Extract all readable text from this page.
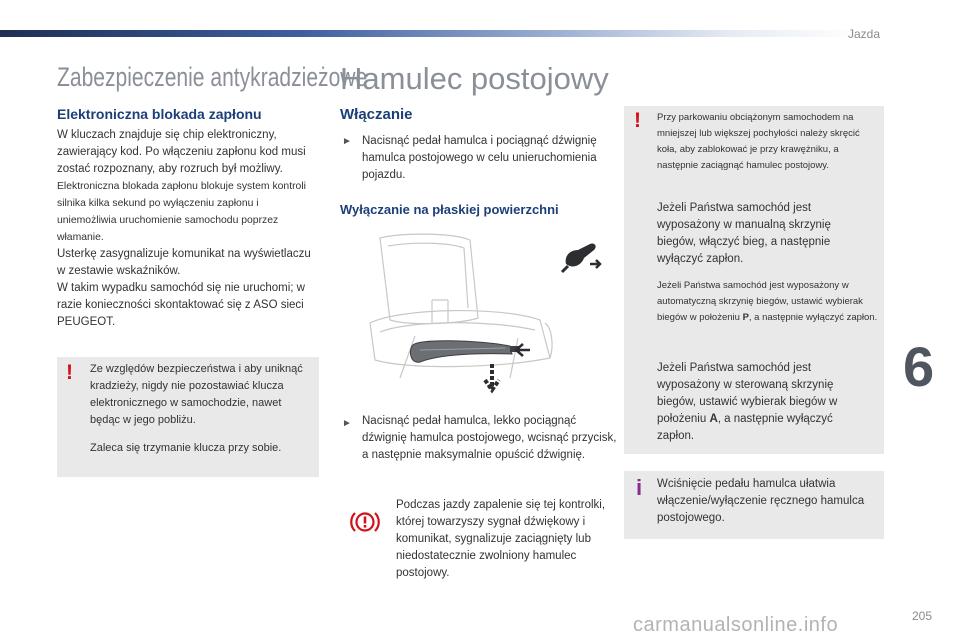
Jazda
Zabezpieczenie antykradzieżowe
Elektroniczna blokada zapłonu

W kluczach znajduje się chip elektroniczny, zawierający kod. Po włączeniu zapłonu kod musi zostać rozpoznany, aby rozruch był możliwy.

Elektroniczna blokada zapłonu blokuje system kontroli silnika kilka sekund po wyłączeniu zapłonu i uniemożliwia uruchomienie samochodu poprzez włamanie.

Usterkę zasygnalizuje komunikat na wyświetlaczu w zestawie wskaźników.

W takim wypadku samochód się nie uruchomi; w razie konieczności skontaktować się z ASO sieci PEUGEOT.

! Ze względów bezpieczeństwa i aby uniknąć kradzieży, nigdy nie pozostawiać klucza elektronicznego w samochodzie, nawet będąc w jego pobliżu.

Zaleca się trzymanie klucza przy sobie.

Hamulec postojowy
Włączanie
► Nacisnąć pedał hamulca i pociągnąć dźwignię hamulca postojowego w celu unieruchomienia pojazdu.

Wyłączanie na płaskiej powierzchni
► Nacisnąć pedał hamulca, lekko pociągnąć dźwignię hamulca postojowego, wcisnąć przycisk, a następnie maksymalnie opuścić dźwignię.

Podczas jazdy zapalenie się tej kontrolki, której towarzyszy sygnał dźwiękowy i komunikat, sygnalizuje zaciągnięty lub niedostatecznie zwolniony hamulec postojowy.

! Przy parkowaniu obciążonym samochodem na mniejszej lub większej pochyłości należy skręcić koła, aby zablokować je przy krawężniku, a następnie zaciągnąć hamulec postojowy.

Jeżeli Państwa samochód jest wyposażony w manualną skrzynię biegów, włączyć bieg, a następnie wyłączyć zapłon.

Jeżeli Państwa samochód jest wyposażony w automatyczną skrzynię biegów, ustawić wybierak biegów w położeniu P, a następnie wyłączyć zapłon.

Jeżeli Państwa samochód jest wyposażony w sterowaną skrzynię biegów, ustawić wybierak biegów w położeniu A, a następnie wyłączyć zapłon.

i Wciśnięcie pedału hamulca ułatwia włączenie/wyłączenie ręcznego hamulca postojowego.

6
205
carmanualsonline.info
